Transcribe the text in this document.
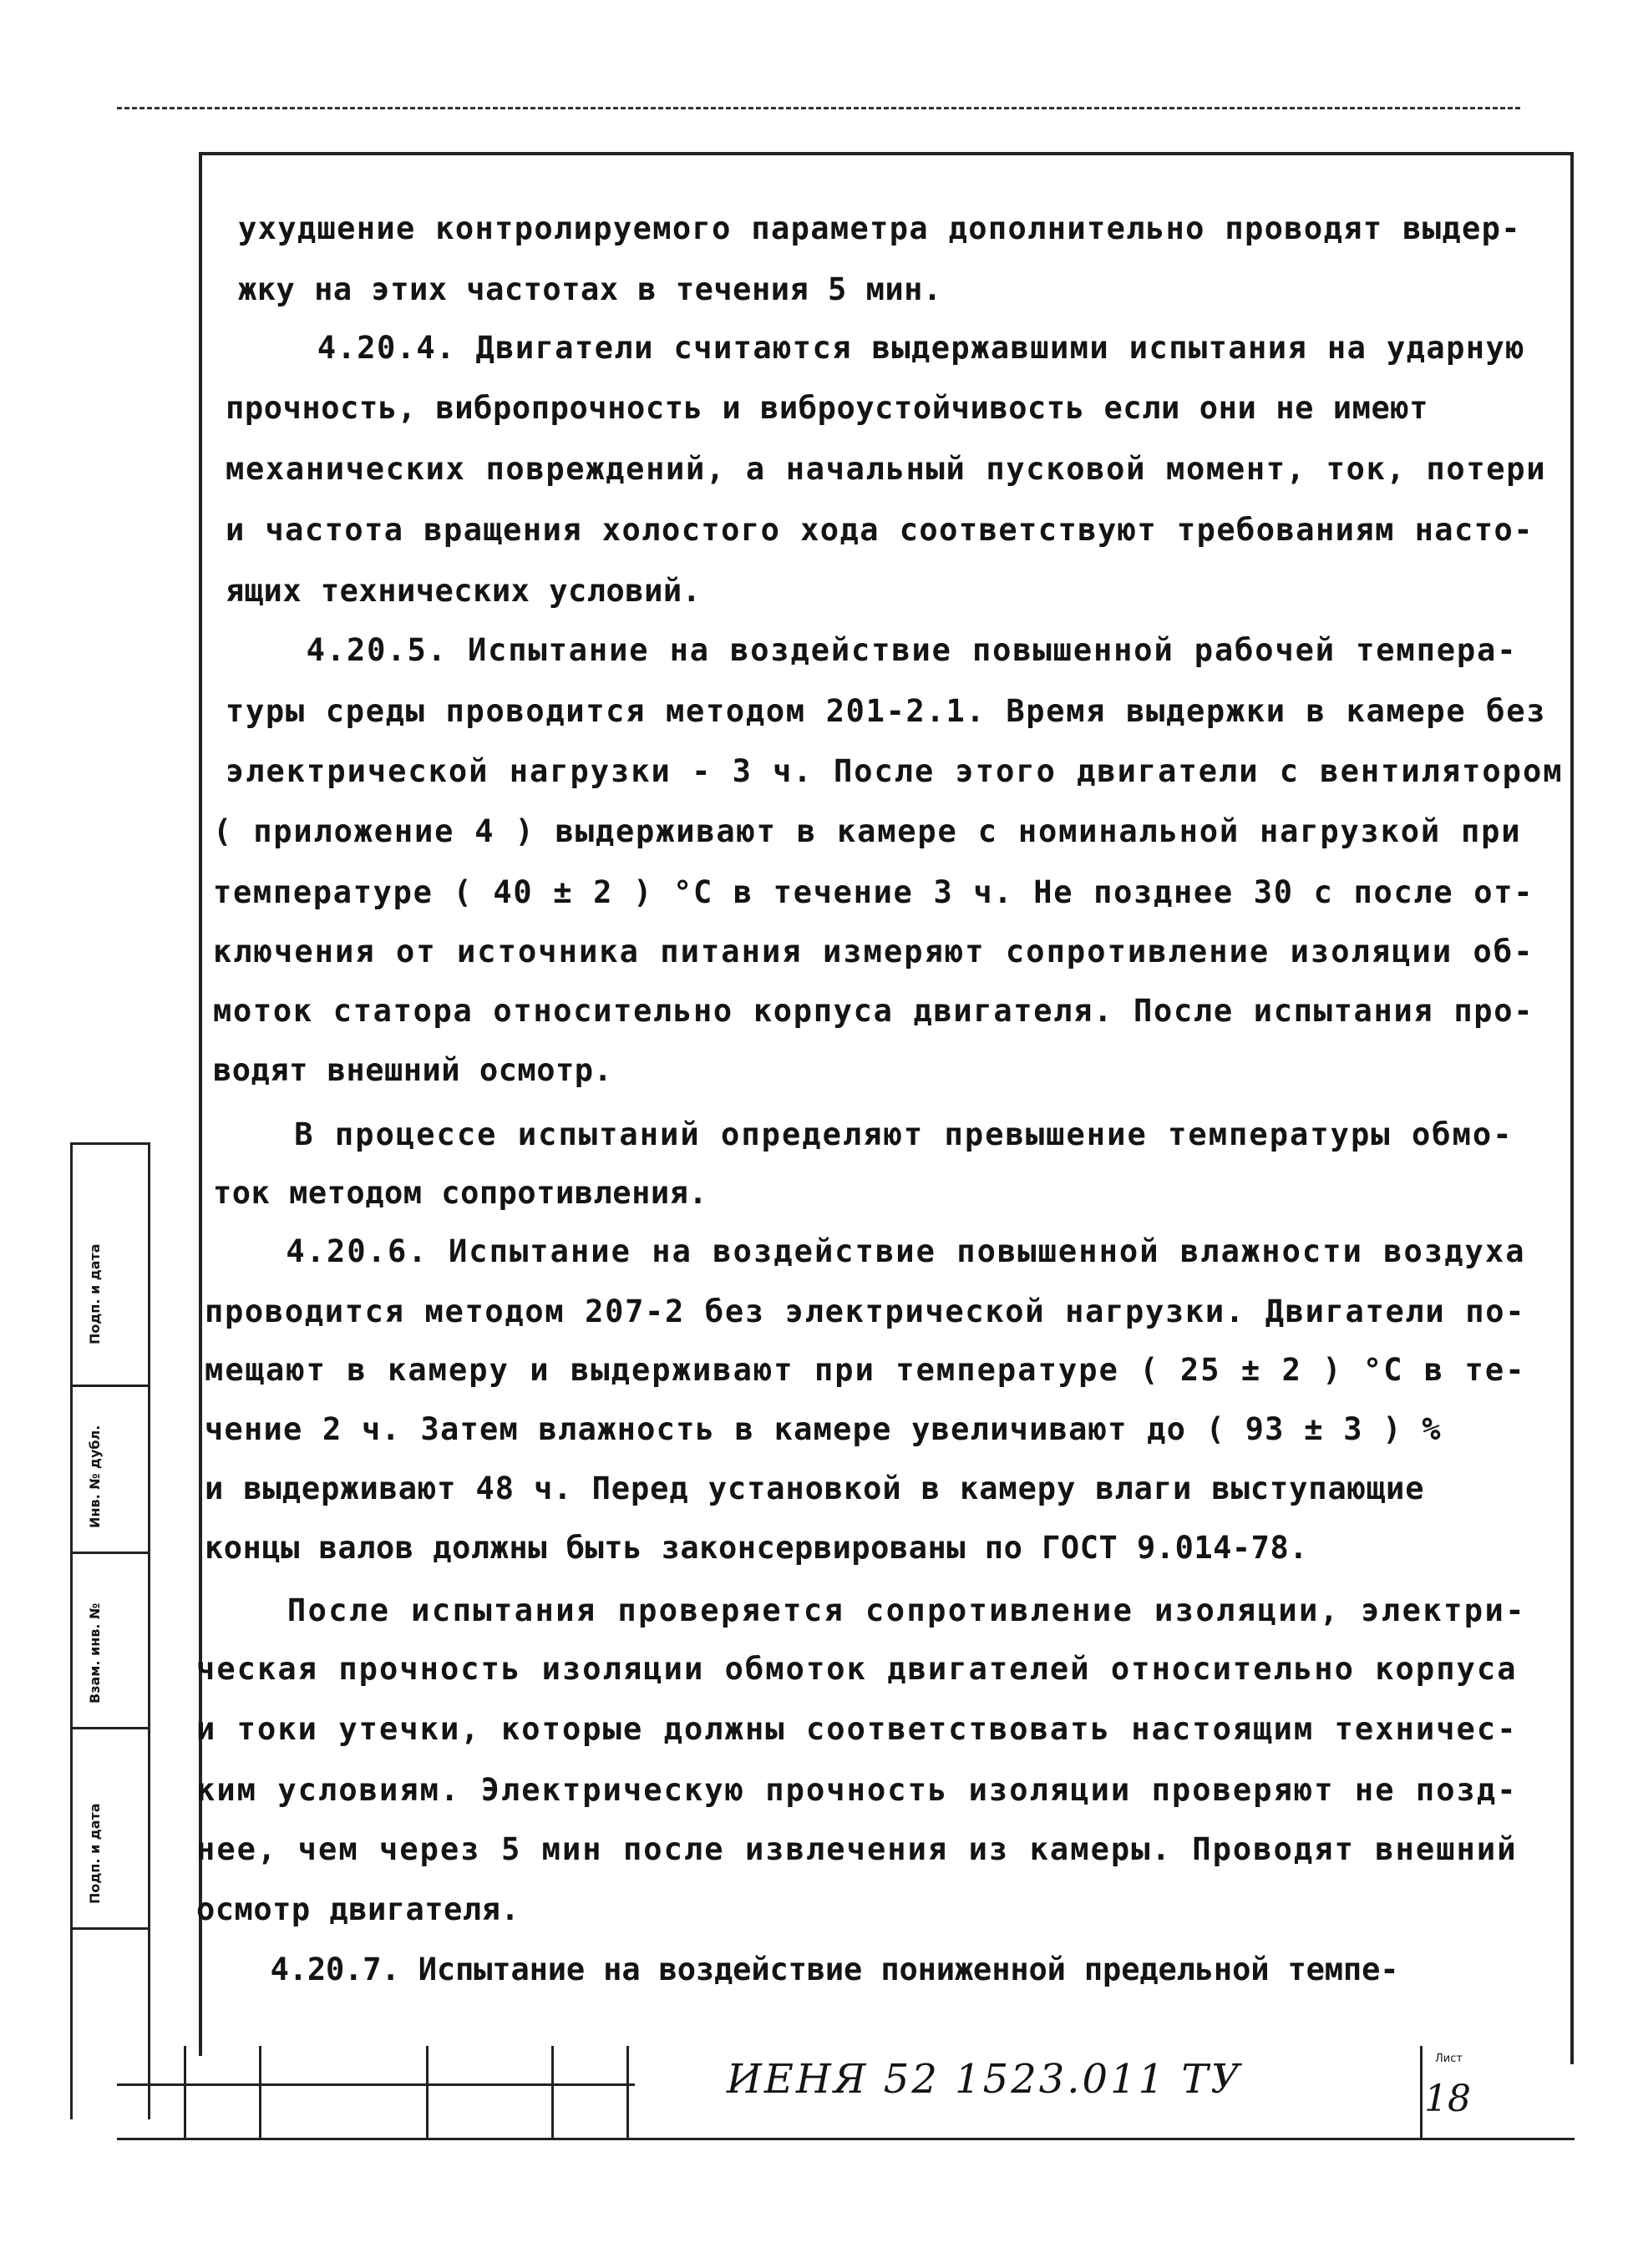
ухудшение контролируемого параметра дополнительно проводят выдер-
жку на этих частотах в течения 5 мин.
4.20.4. Двигатели считаются выдержавшими испытания на ударную
прочность, вибропрочность и виброустойчивость если они не имеют
механических повреждений, а начальный пусковой момент, ток, потери
и частота вращения холостого хода соответствуют требованиям насто-
ящих технических условий.
4.20.5. Испытание на воздействие повышенной рабочей темпера-
туры среды проводится методом 201-2.1. Время выдержки в камере без
электрической нагрузки - 3 ч. После этого двигатели с вентилятором
( приложение 4 ) выдерживают в камере с номинальной нагрузкой при
температуре ( 40 ± 2 ) °С в течение 3 ч. Не позднее 30 с после от-
ключения от источника питания измеряют сопротивление изоляции об-
моток статора относительно корпуса двигателя. После испытания про-
водят внешний осмотр.
В процессе испытаний определяют превышение температуры обмо-
ток методом сопротивления.
4.20.6. Испытание на воздействие повышенной влажности воздуха
проводится методом 207-2 без электрической нагрузки. Двигатели по-
мещают в камеру и выдерживают при температуре ( 25 ± 2 ) °С в те-
чение 2 ч. Затем влажность в камере увеличивают до ( 93 ± 3 ) %
и выдерживают 48 ч. Перед установкой в камеру влаги выступающие
концы валов должны быть законсервированы по ГОСТ 9.014-78.
После испытания проверяется сопротивление изоляции, электри-
ческая прочность изоляции обмоток двигателей относительно корпуса
и токи утечки, которые должны соответствовать настоящим техничес-
ким условиям. Электрическую прочность изоляции проверяют не позд-
нее, чем через 5 мин после извлечения из камеры. Проводят внешний
осмотр двигателя.
4.20.7. Испытание на воздействие пониженной предельной темпе-
Подп. и дата
Инв. № дубл.
Взам. инв. №
Подп. и дата
ИЕНЯ 52 1523.011 ТУ	Лист
18
